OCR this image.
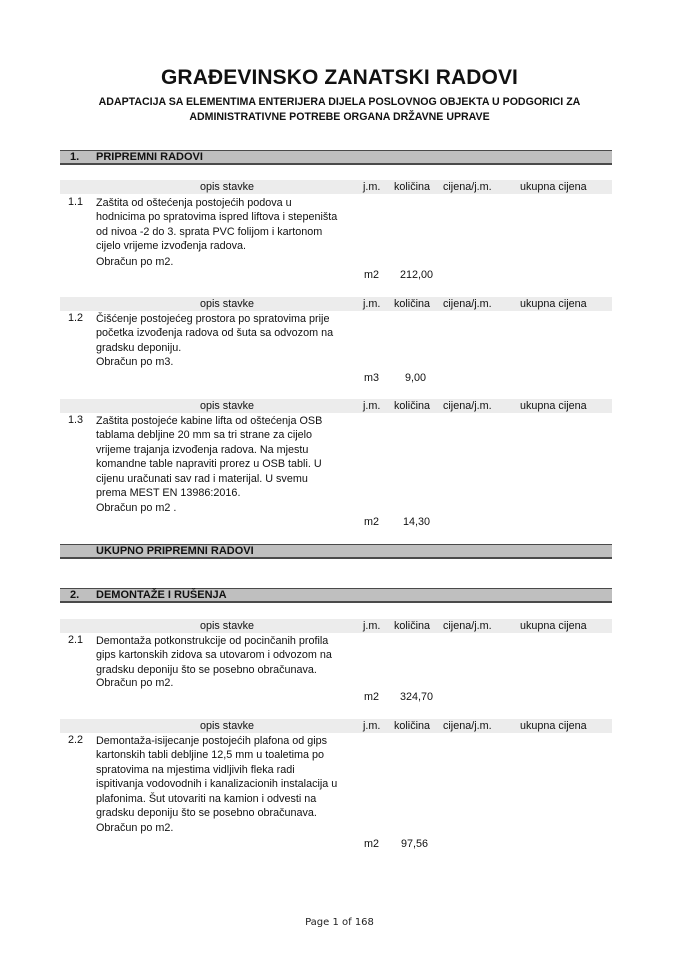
GRAĐEVINSKO ZANATSKI RADOVI
ADAPTACIJA SA ELEMENTIMA ENTERIJERA DIJELA POSLOVNOG OBJEKTA U PODGORICI ZA
ADMINISTRATIVNE POTREBE ORGANA DRŽAVNE UPRAVE
1. PRIPREMNI RADOVI
opis stavke	j.m. količina cijena/j.m.	ukupna cijena
1.1 Zaštita od oštećenja postojećih podova u
hodnicima po spratovima ispred liftova i stepeništa
od nivoa -2 do 3. sprata PVC folijom i kartonom
cijelo vrijeme izvođenja radova.
Obračun po m2.
m2	212,00
opis stavke	j.m. količina cijena/j.m.	ukupna cijena
1.2 Čišćenje postojećeg prostora po spratovima prije
početka izvođenja radova od šuta sa odvozom na
gradsku deponiju.
Obračun po m3.
m3	9,00
opis stavke	j.m. količina cijena/j.m.	ukupna cijena
1.3 Zaštita postojeće kabine lifta od oštećenja OSB
tablama debljine 20 mm sa tri strane za cijelo
vrijeme trajanja izvođenja radova. Na mjestu
komandne table napraviti prorez u OSB tabli. U
cijenu uračunati sav rad i materijal. U svemu
prema MEST EN 13986:2016.
Obračun po m2 .
m2	14,30
UKUPNO PRIPREMNI RADOVI
2. DEMONTAŽE I RUŠENJA
opis stavke	j.m. količina cijena/j.m.	ukupna cijena
2.1 Demontaža potkonstrukcije od pocinčanih profila
gips kartonskih zidova sa utovarom i odvozom na
gradsku deponiju što se posebno obračunava.
Obračun po m2.
m2	324,70
opis stavke	j.m. količina cijena/j.m.	ukupna cijena
2.2 Demontaža-isijecanje postojećih plafona od gips
kartonskih tabli debljine 12,5 mm u toaletima po
spratovima na mjestima vidljivih fleka radi
ispitivanja vodovodnih i kanalizacionih instalacija u
plafonima. Šut utovariti na kamion i odvesti na
gradsku deponiju što se posebno obračunava.
Obračun po m2.
m2	97,56
Page 1 of 168
